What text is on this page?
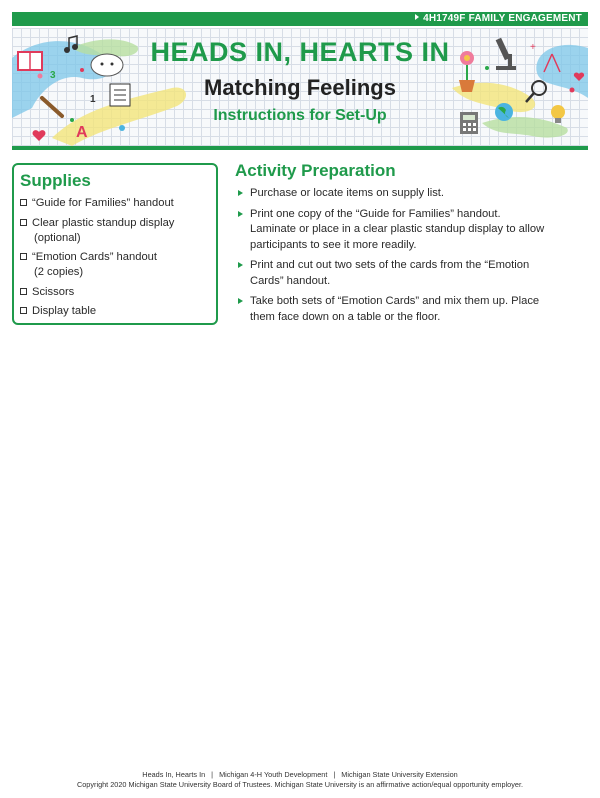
4H1749F FAMILY ENGAGEMENT
3
1
A
+
HEADS IN, HEARTS IN
Matching Feelings
Instructions for Set-Up
Supplies
“Guide for Families” handout
Clear plastic standup display
(optional)
“Emotion Cards” handout
(2 copies)
Scissors
Display table
Activity Preparation
Purchase or locate items on supply list.
Print one copy of the “Guide for Families” handout.
Laminate or place in a clear plastic standup display to allow
participants to see it more readily.
Print and cut out two sets of the cards from the “Emotion
Cards” handout.
Take both sets of “Emotion Cards” and mix them up. Place
them face down on a table or the floor.
Heads In, Hearts In | Michigan 4-H Youth Development | Michigan State University Extension
Copyright 2020 Michigan State University Board of Trustees. Michigan State University is an affirmative action/equal opportunity employer.
